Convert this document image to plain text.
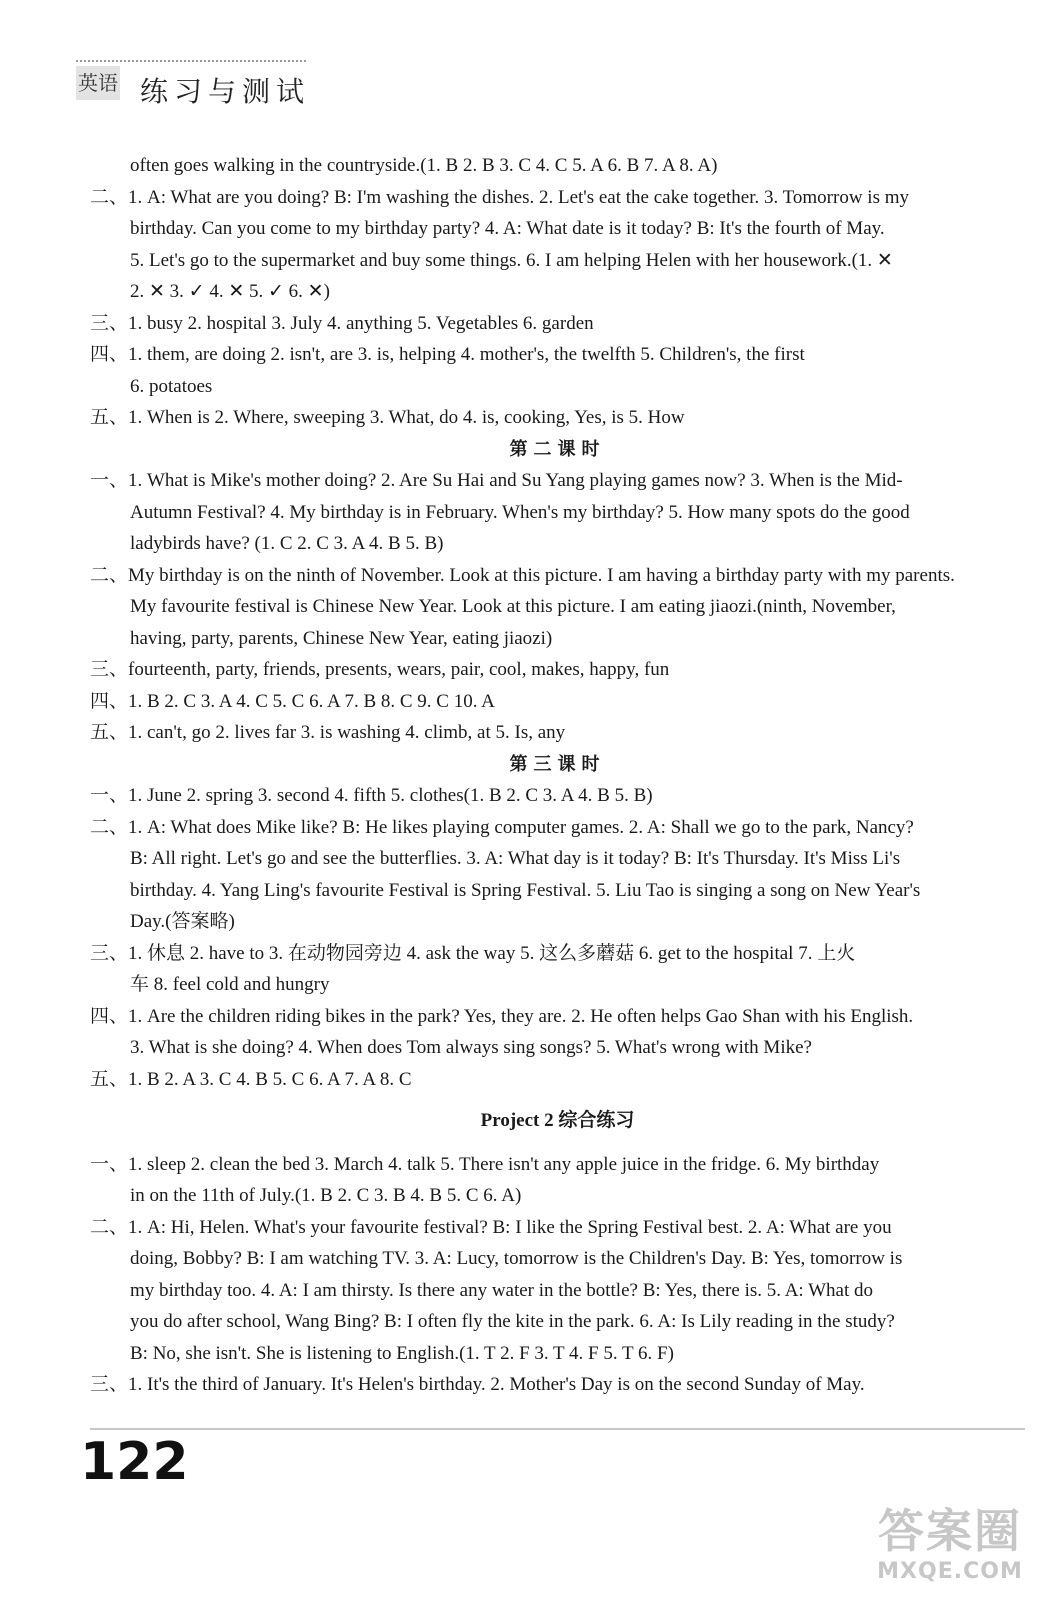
英语 练习与测试
often goes walking in the countryside.(1. B 2. B 3. C 4. C 5. A 6. B 7. A 8. A)
二、1. A: What are you doing? B: I'm washing the dishes. 2. Let's eat the cake together. 3. Tomorrow is my
birthday. Can you come to my birthday party? 4. A: What date is it today? B: It's the fourth of May.
5. Let's go to the supermarket and buy some things. 6. I am helping Helen with her housework.(1. ✕
2. ✕ 3. ✓ 4. ✕ 5. ✓ 6. ✕)
三、1. busy 2. hospital 3. July 4. anything 5. Vegetables 6. garden
四、1. them, are doing 2. isn't, are 3. is, helping 4. mother's, the twelfth 5. Children's, the first
6. potatoes
五、1. When is 2. Where, sweeping 3. What, do 4. is, cooking, Yes, is 5. How
第二课时
一、1. What is Mike's mother doing? 2. Are Su Hai and Su Yang playing games now? 3. When is the Mid-
Autumn Festival? 4. My birthday is in February. When's my birthday? 5. How many spots do the good
ladybirds have? (1. C 2. C 3. A 4. B 5. B)
二、My birthday is on the ninth of November. Look at this picture. I am having a birthday party with my parents.
My favourite festival is Chinese New Year. Look at this picture. I am eating jiaozi.(ninth, November,
having, party, parents, Chinese New Year, eating jiaozi)
三、fourteenth, party, friends, presents, wears, pair, cool, makes, happy, fun
四、1. B 2. C 3. A 4. C 5. C 6. A 7. B 8. C 9. C 10. A
五、1. can't, go 2. lives far 3. is washing 4. climb, at 5. Is, any
第三课时
一、1. June 2. spring 3. second 4. fifth 5. clothes(1. B 2. C 3. A 4. B 5. B)
二、1. A: What does Mike like? B: He likes playing computer games. 2. A: Shall we go to the park, Nancy?
B: All right. Let's go and see the butterflies. 3. A: What day is it today? B: It's Thursday. It's Miss Li's
birthday. 4. Yang Ling's favourite Festival is Spring Festival. 5. Liu Tao is singing a song on New Year's
Day.(答案略)
三、1. 休息 2. have to 3. 在动物园旁边 4. ask the way 5. 这么多蘑菇 6. get to the hospital 7. 上火
车 8. feel cold and hungry
四、1. Are the children riding bikes in the park? Yes, they are. 2. He often helps Gao Shan with his English.
3. What is she doing? 4. When does Tom always sing songs? 5. What's wrong with Mike?
五、1. B 2. A 3. C 4. B 5. C 6. A 7. A 8. C
Project 2 综合练习
一、1. sleep 2. clean the bed 3. March 4. talk 5. There isn't any apple juice in the fridge. 6. My birthday
in on the 11th of July.(1. B 2. C 3. B 4. B 5. C 6. A)
二、1. A: Hi, Helen. What's your favourite festival? B: I like the Spring Festival best. 2. A: What are you
doing, Bobby? B: I am watching TV. 3. A: Lucy, tomorrow is the Children's Day. B: Yes, tomorrow is
my birthday too. 4. A: I am thirsty. Is there any water in the bottle? B: Yes, there is. 5. A: What do
you do after school, Wang Bing? B: I often fly the kite in the park. 6. A: Is Lily reading in the study?
B: No, she isn't. She is listening to English.(1. T 2. F 3. T 4. F 5. T 6. F)
三、1. It's the third of January. It's Helen's birthday. 2. Mother's Day is on the second Sunday of May.
122
答案圈
MXQE.COM
